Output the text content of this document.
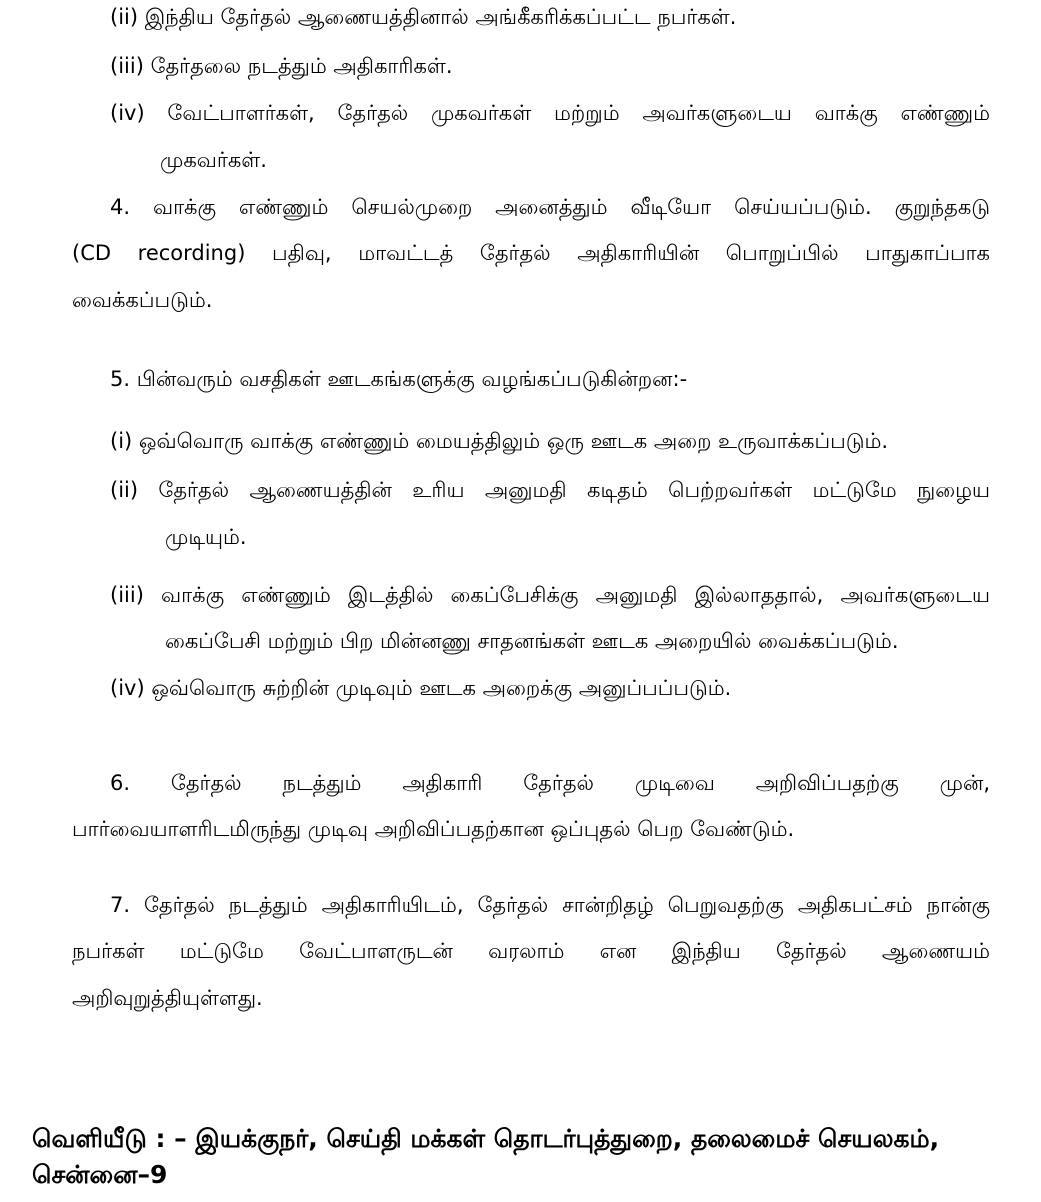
(ii) இந்திய தேர்தல் ஆணையத்தினால் அங்கீகரிக்கப்பட்ட நபர்கள்.
(iii) தேர்தலை நடத்தும் அதிகாரிகள்.
(iv) வேட்பாளர்கள், தேர்தல் முகவர்கள் மற்றும் அவர்களுடைய வாக்கு எண்ணும்
முகவர்கள்.
4. வாக்கு எண்ணும் செயல்முறை அனைத்தும் வீடியோ செய்யப்படும். குறுந்தகடு
(CD recording) பதிவு, மாவட்டத் தேர்தல் அதிகாரியின் பொறுப்பில் பாதுகாப்பாக
வைக்கப்படும்.
5. பின்வரும் வசதிகள் ஊடகங்களுக்கு வழங்கப்படுகின்றன:-
(i) ஒவ்வொரு வாக்கு எண்ணும் மையத்திலும் ஒரு ஊடக அறை உருவாக்கப்படும்.
(ii) தேர்தல் ஆணையத்தின் உரிய அனுமதி கடிதம் பெற்றவர்கள் மட்டுமே நுழைய
முடியும்.
(iii) வாக்கு எண்ணும் இடத்தில் கைப்பேசிக்கு அனுமதி இல்லாததால், அவர்களுடைய
கைப்பேசி மற்றும் பிற மின்னணு சாதனங்கள் ஊடக அறையில் வைக்கப்படும்.
(iv) ஒவ்வொரு சுற்றின் முடிவும் ஊடக அறைக்கு அனுப்பப்படும்.
6. தேர்தல் நடத்தும் அதிகாரி தேர்தல் முடிவை அறிவிப்பதற்கு முன்,
பார்வையாளரிடமிருந்து முடிவு அறிவிப்பதற்கான ஒப்புதல் பெற வேண்டும்.
7. தேர்தல் நடத்தும் அதிகாரியிடம், தேர்தல் சான்றிதழ் பெறுவதற்கு அதிகபட்சம் நான்கு
நபர்கள் மட்டுமே வேட்பாளருடன் வரலாம் என இந்திய தேர்தல் ஆணையம்
அறிவுறுத்தியுள்ளது.
வெளியீடு : – இயக்குநர், செய்தி மக்கள் தொடர்புத்துறை, தலைமைச் செயலகம்,
சென்னை–9
